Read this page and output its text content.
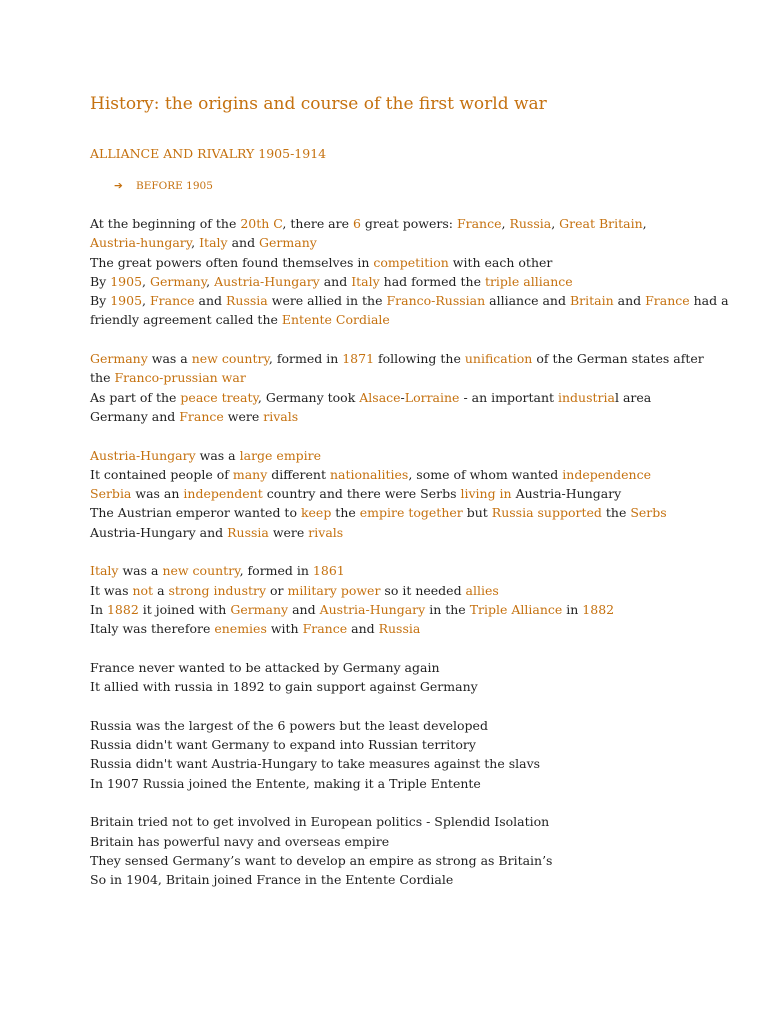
History: the origins and course of the first world war
ALLIANCE AND RIVALRY 1905-1914
➔ BEFORE 1905
At the beginning of the 20th C, there are 6 great powers: France, Russia, Great Britain,
Austria-hungary, Italy and Germany
The great powers often found themselves in competition with each other
By 1905, Germany, Austria-Hungary and Italy had formed the triple alliance
By 1905, France and Russia were allied in the Franco-Russian alliance and Britain and France had a
friendly agreement called the Entente Cordiale
Germany was a new country, formed in 1871 following the unification of the German states after
the Franco-prussian war
As part of the peace treaty, Germany took Alsace-Lorraine - an important industrial area
Germany and France were rivals
Austria-Hungary was a large empire
It contained people of many different nationalities, some of whom wanted independence
Serbia was an independent country and there were Serbs living in Austria-Hungary
The Austrian emperor wanted to keep the empire together but Russia supported the Serbs
Austria-Hungary and Russia were rivals
Italy was a new country, formed in 1861
It was not a strong industry or military power so it needed allies
In 1882 it joined with Germany and Austria-Hungary in the Triple Alliance in 1882
Italy was therefore enemies with France and Russia
France never wanted to be attacked by Germany again
It allied with russia in 1892 to gain support against Germany
Russia was the largest of the 6 powers but the least developed
Russia didn't want Germany to expand into Russian territory
Russia didn't want Austria-Hungary to take measures against the slavs
In 1907 Russia joined the Entente, making it a Triple Entente
Britain tried not to get involved in European politics - Splendid Isolation
Britain has powerful navy and overseas empire
They sensed Germany’s want to develop an empire as strong as Britain’s
So in 1904, Britain joined France in the Entente Cordiale
